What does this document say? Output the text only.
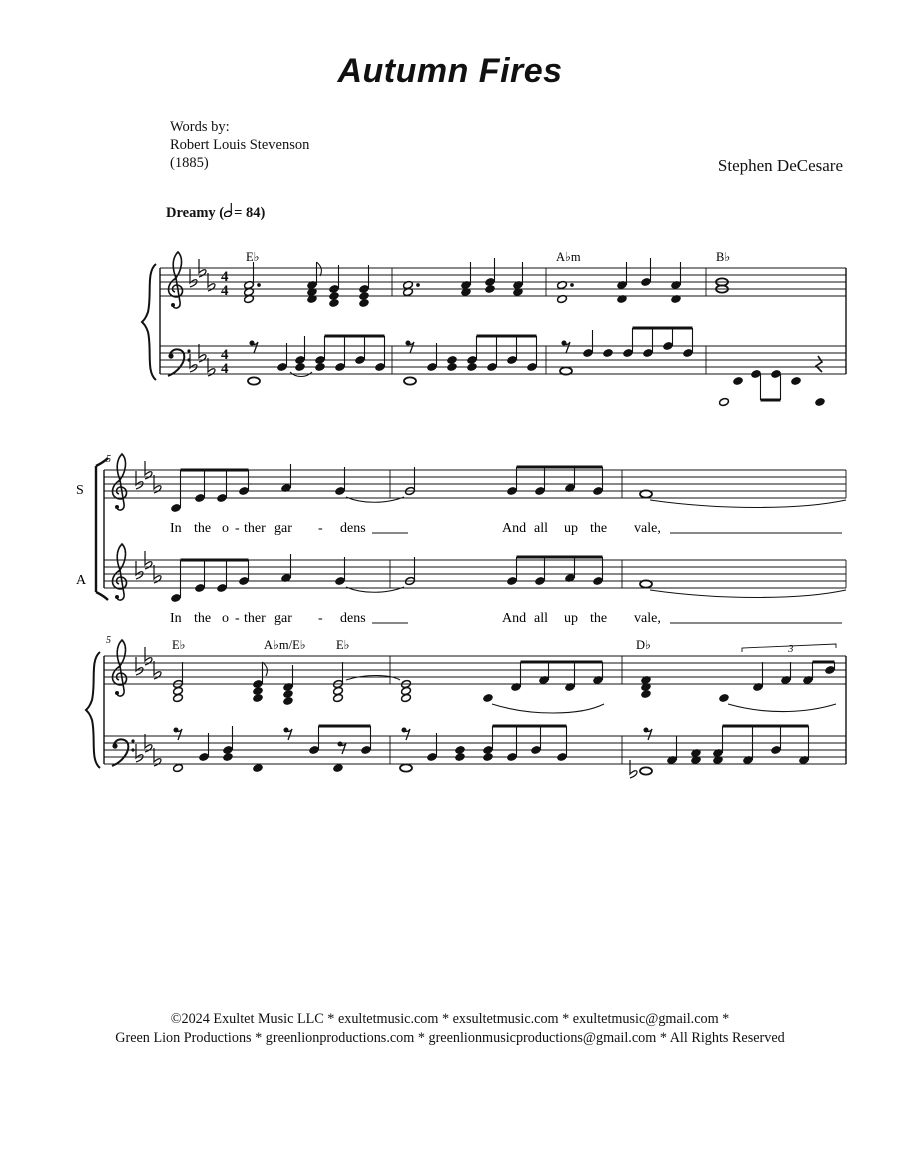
Autumn Fires
Words by:
Robert Louis Stevenson
(1885)	Stephen DeCesare
Dreamy ( = 84)
4
4
4
4
E♭	A♭m	B♭
5
S
A
In the o - ther gar - dens	And all up the vale,
In the o - ther gar - dens	And all up the vale,
5	E♭	A♭m/E♭ E♭	D♭	3
©2024 Exultet Music LLC * exultetmusic.com * exsultetmusic.com * exultetmusic@gmail.com *
Green Lion Productions * greenlionproductions.com * greenlionmusicproductions@gmail.com * All Rights Reserved
